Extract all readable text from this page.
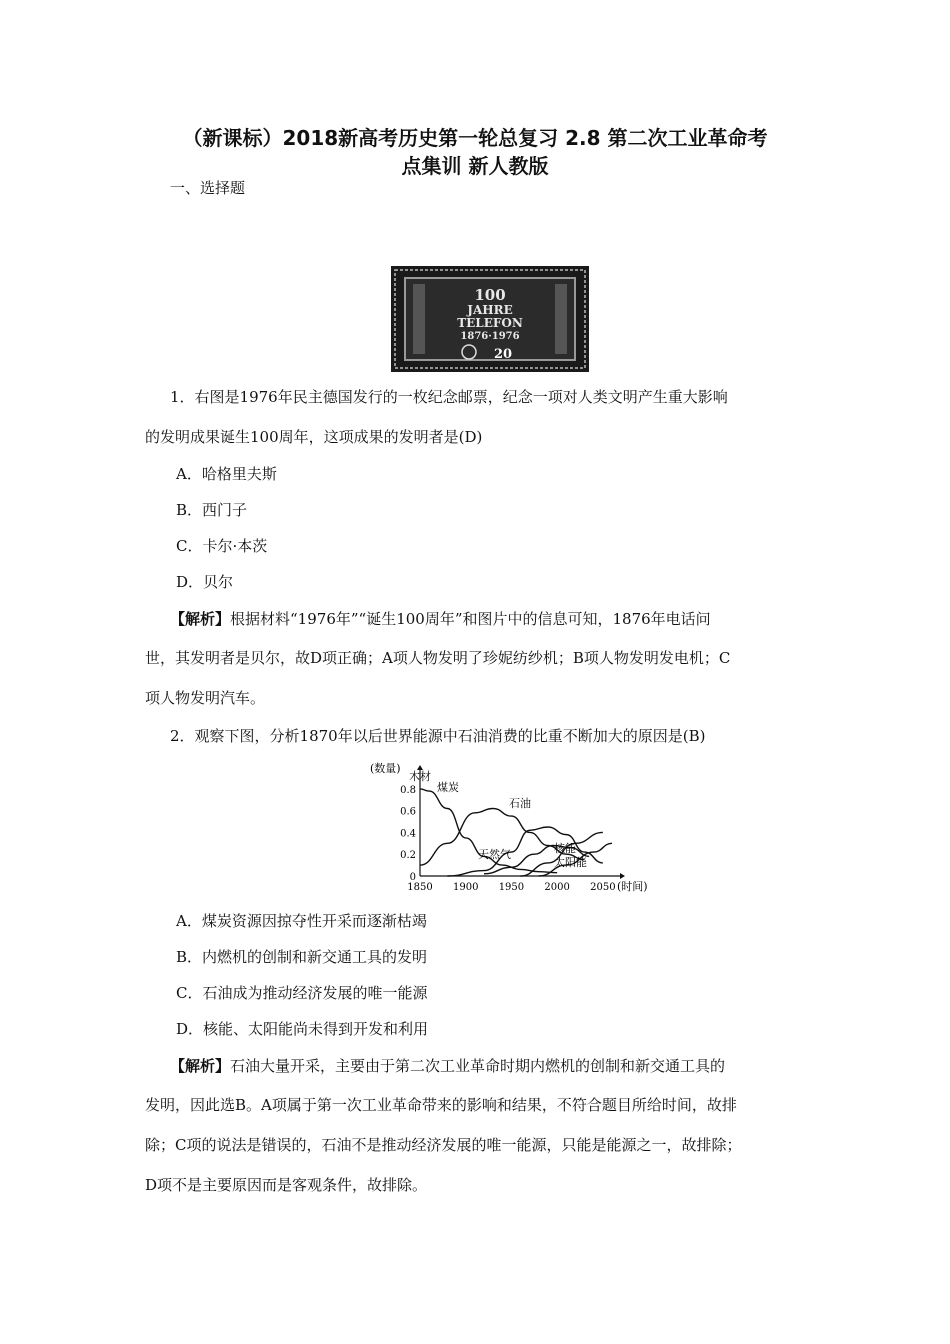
（新课标）2018新高考历史第一轮总复习 2.8 第二次工业革命考
点集训 新人教版
一、选择题
100
JAHRE
TELEFON
1876·1976
20
1．右图是1976年民主德国发行的一枚纪念邮票，纪念一项对人类文明产生重大影响
的发明成果诞生100周年，这项成果的发明者是(D)
A．哈格里夫斯
B．西门子
C．卡尔·本茨
D．贝尔
【解析】根据材料“1976年”“诞生100周年”和图片中的信息可知，1876年电话问
世，其发明者是贝尔，故D项正确；A项人物发明了珍妮纺纱机；B项人物发明发电机；C
项人物发明汽车。
2．观察下图，分析1870年以后世界能源中石油消费的比重不断加大的原因是(B)
(数量)
(时间)
0
0.2
0.4
0.6
0.8
1850 1900 1950 2000 2050
木材
煤炭
石油
天然气	核能
太阳能
A．煤炭资源因掠夺性开采而逐渐枯竭
B．内燃机的创制和新交通工具的发明
C．石油成为推动经济发展的唯一能源
D．核能、太阳能尚未得到开发和利用
【解析】石油大量开采，主要由于第二次工业革命时期内燃机的创制和新交通工具的
发明，因此选B。A项属于第一次工业革命带来的影响和结果，不符合题目所给时间，故排
除；C项的说法是错误的，石油不是推动经济发展的唯一能源，只能是能源之一，故排除；
D项不是主要原因而是客观条件，故排除。
